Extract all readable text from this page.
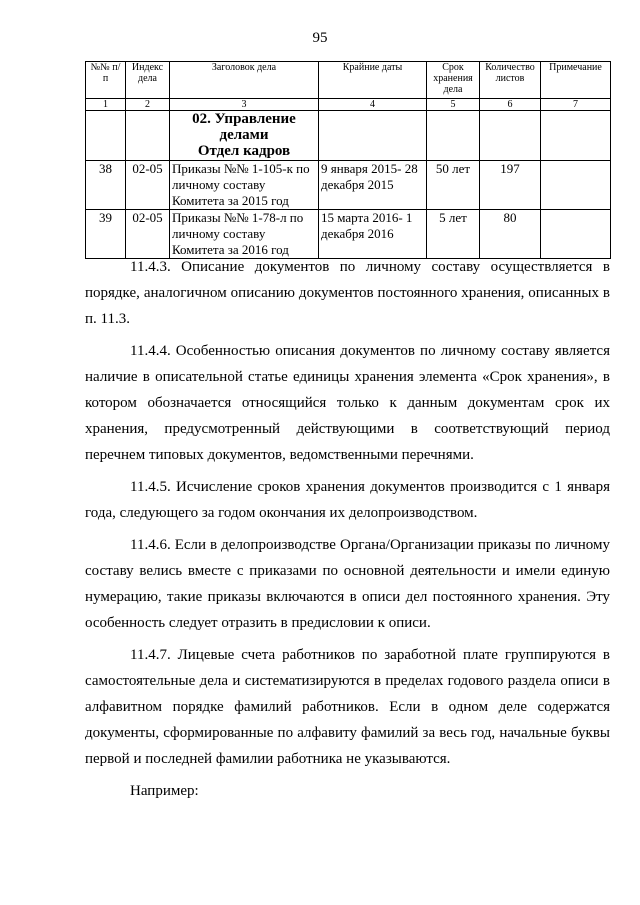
95
№№ п/п	Индекс дела	Заголовок дела	Крайние даты	Срок хранения дела	Количество листов	Примечание
1	2	3	4	5	6	7

		02. Управление
делами
Отдел кадров				

38	02-05	Приказы №№ 1-105-к по личному составу Комитета за 2015 год	9 января 2015- 28 декабря 2015	50 лет	197	
39	02-05	Приказы №№ 1-78-л по личному составу Комитета за 2016 год	15 марта 2016- 1 декабря 2016	5 лет	80	

11.4.3. Описание документов по личному составу осуществляется в порядке, аналогичном описанию документов постоянного хранения, описанных в п. 11.3.

11.4.4. Особенностью описания документов по личному составу является наличие в описательной статье единицы хранения элемента «Срок хранения», в котором обозначается относящийся только к данным документам срок их хранения, предусмотренный действующими в соответствующий период перечнем типовых документов, ведомственными перечнями.

11.4.5. Исчисление сроков хранения документов производится с 1 января года, следующего за годом окончания их делопроизводством.

11.4.6. Если в делопроизводстве Органа/Организации приказы по личному составу велись вместе с приказами по основной деятельности и имели единую нумерацию, такие приказы включаются в описи дел постоянного хранения. Эту особенность следует отразить в предисловии к описи.

11.4.7. Лицевые счета работников по заработной плате группируются в самостоятельные дела и систематизируются в пределах годового раздела описи в алфавитном порядке фамилий работников. Если в одном деле содержатся документы, сформированные по алфавиту фамилий за весь год, начальные буквы первой и последней фамилии работника не указываются.

Например:
